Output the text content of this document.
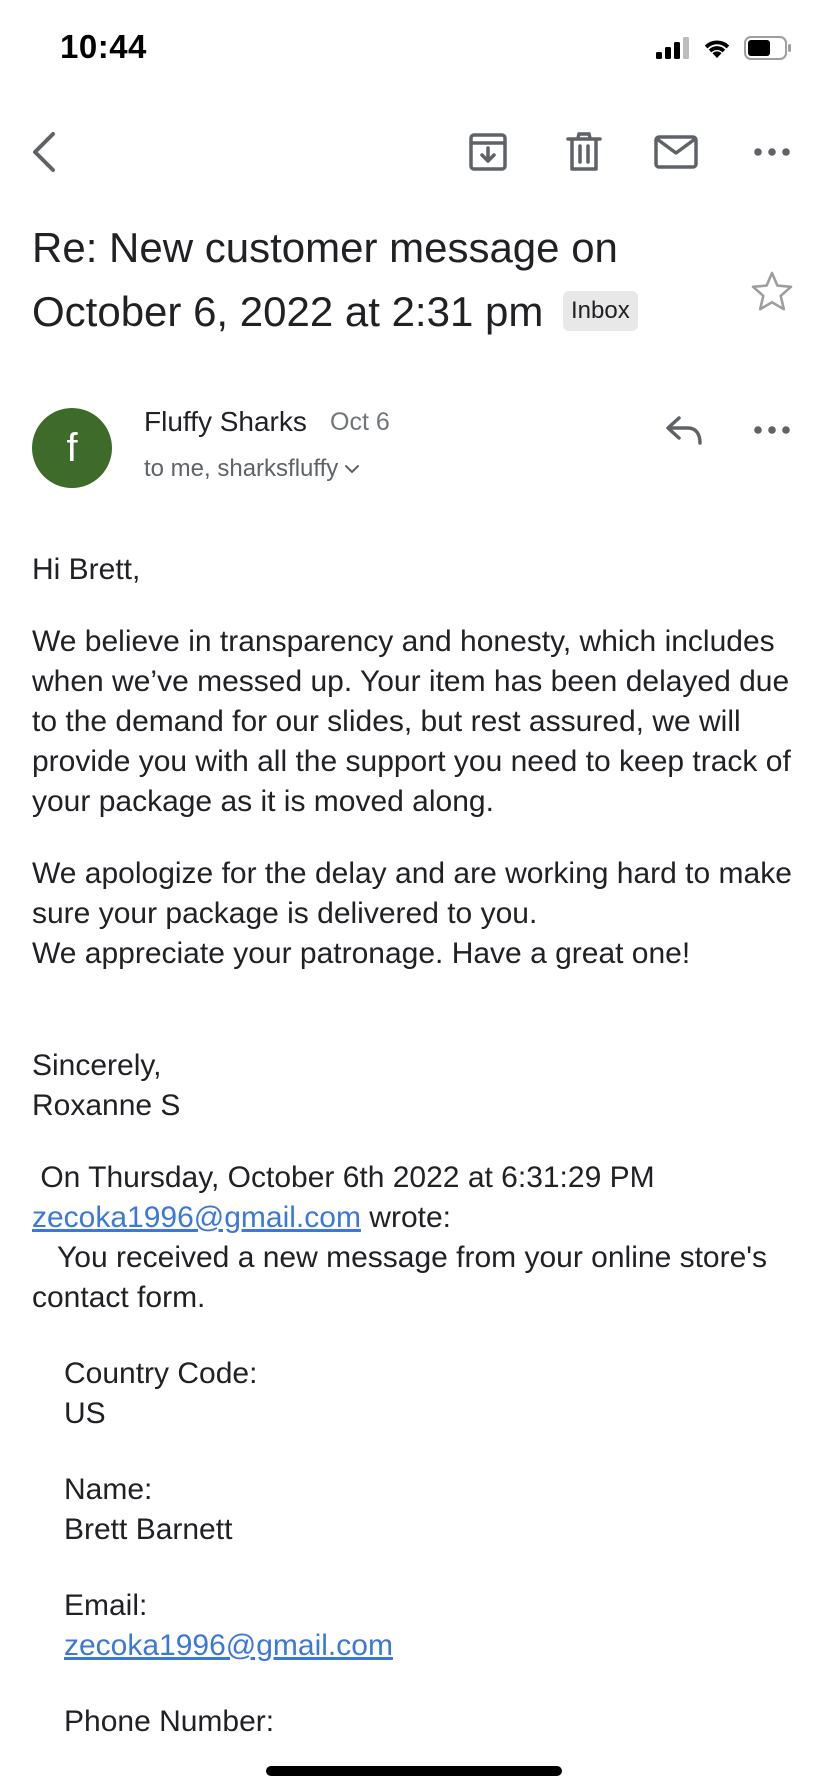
10:44
Re: New customer message on October 6, 2022 at 2:31 pm Inbox
f
Fluffy Sharks Oct 6
to me, sharksfluffy

Hi Brett,

We believe in transparency and honesty, which includes when we’ve messed up. Your item has been delayed due to the demand for our slides, but rest assured, we will provide you with all the support you need to keep track of your package as it is moved along.

We apologize for the delay and are working hard to make sure your package is delivered to you.

We appreciate your patronage. Have a great one!

Sincerely,

Roxanne S

On Thursday, October 6th 2022 at 6:31:29 PM

zecoka1996@gmail.com wrote:

You received a new message from your online store's contact form.

Country Code:

US

Name:

Brett Barnett

Email:

zecoka1996@gmail.com

Phone Number:
